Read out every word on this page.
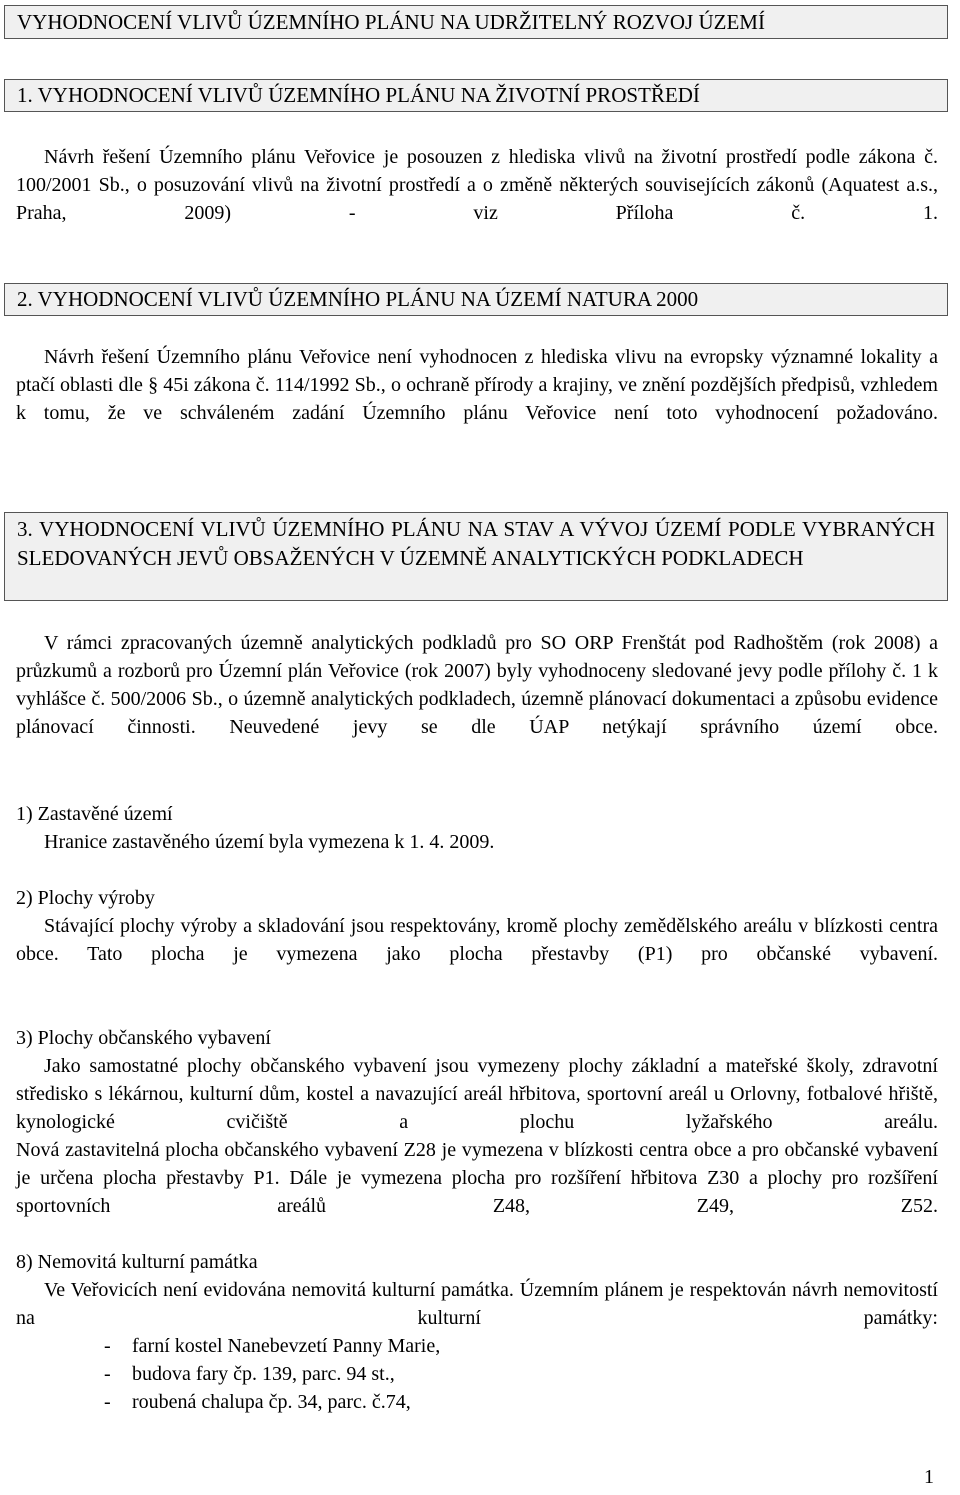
VYHODNOCENÍ VLIVŮ ÚZEMNÍHO PLÁNU NA UDRŽITELNÝ ROZVOJ ÚZEMÍ
1. VYHODNOCENÍ VLIVŮ ÚZEMNÍHO PLÁNU NA ŽIVOTNÍ PROSTŘEDÍ
Návrh řešení Územního plánu Veřovice je posouzen z hlediska vlivů na životní prostředí podle zákona č. 100/2001 Sb., o posuzování vlivů na životní prostředí a o změně některých souvisejících zákonů (Aquatest a.s., Praha, 2009) - viz Příloha č. 1.
2. VYHODNOCENÍ VLIVŮ ÚZEMNÍHO PLÁNU NA ÚZEMÍ NATURA 2000
Návrh řešení Územního plánu Veřovice není vyhodnocen z hlediska vlivu na evropsky významné lokality a ptačí oblasti dle § 45i zákona č. 114/1992 Sb., o ochraně přírody a krajiny, ve znění pozdějších předpisů, vzhledem k tomu, že ve schváleném zadání Územního plánu Veřovice není toto vyhodnocení požadováno.
3. VYHODNOCENÍ VLIVŮ ÚZEMNÍHO PLÁNU NA STAV A VÝVOJ ÚZEMÍ PODLE VYBRANÝCH SLEDOVANÝCH JEVŮ OBSAŽENÝCH V ÚZEMNĚ ANALYTICKÝCH PODKLADECH
V rámci zpracovaných územně analytických podkladů pro SO ORP Frenštát pod Radhoštěm (rok 2008) a průzkumů a rozborů pro Územní plán Veřovice (rok 2007) byly vyhodnoceny sledované jevy podle přílohy č. 1 k vyhlášce č. 500/2006 Sb., o územně analytických podkladech, územně plánovací dokumentaci a způsobu evidence plánovací činnosti. Neuvedené jevy se dle ÚAP netýkají správního území obce.
1) Zastavěné území
Hranice zastavěného území byla vymezena k 1. 4. 2009.
2) Plochy výroby
Stávající plochy výroby a skladování jsou respektovány, kromě plochy zemědělského areálu v blízkosti centra obce. Tato plocha je vymezena jako plocha přestavby (P1) pro občanské vybavení.
3) Plochy občanského vybavení
Jako samostatné plochy občanského vybavení jsou vymezeny plochy základní a mateřské školy, zdravotní středisko s lékárnou, kulturní dům, kostel a navazující areál hřbitova, sportovní areál u Orlovny, fotbalové hřiště, kynologické cvičiště a plochu lyžařského areálu.
Nová zastavitelná plocha občanského vybavení Z28 je vymezena v blízkosti centra obce a pro občanské vybavení je určena plocha přestavby P1. Dále je vymezena plocha pro rozšíření hřbitova Z30 a plochy pro rozšíření sportovních areálů Z48, Z49, Z52.
8) Nemovitá kulturní památka
Ve Veřovicích není evidována nemovitá kulturní památka. Územním plánem je respektován návrh nemovitostí na kulturní památky:
- farní kostel Nanebevzetí Panny Marie,
- budova fary čp. 139, parc. 94 st.,
- roubená chalupa čp. 34, parc. č.74,
1
